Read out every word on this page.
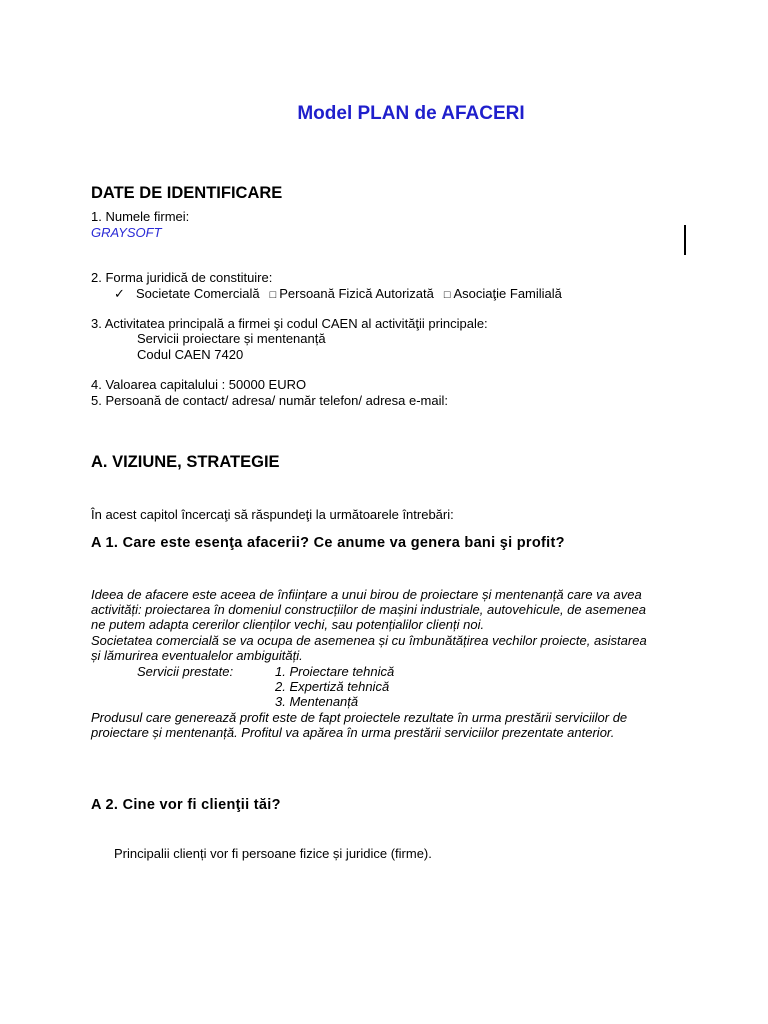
Model PLAN de AFACERI
DATE DE IDENTIFICARE
1. Numele firmei:
GRAYSOFT
2. Forma juridică de constituire:
✓ Societate Comercială □ Persoană Fizică Autorizată □ Asociaţie Familială
3. Activitatea principală a firmei şi codul CAEN al activităţii principale:
Servicii proiectare și mentenanță
Codul CAEN 7420
4. Valoarea capitalului : 50000 EURO
5. Persoană de contact/ adresa/ număr telefon/ adresa e-mail:
A. VIZIUNE, STRATEGIE
În acest capitol încercaţi să răspundeţi la următoarele întrebări:
A 1. Care este esenţa afacerii? Ce anume va genera bani şi profit?
Ideea de afacere este aceea de înființare a unui birou de proiectare și mentenanță care va avea
activități: proiectarea în domeniul construcțiilor de mașini industriale, autovehicule, de asemenea
ne putem adapta cererilor clienților vechi, sau potențialilor clienți noi.
Societatea comercială se va ocupa de asemenea și cu îmbunătățirea vechilor proiecte, asistarea
și lămurirea eventualelor ambiguități.
Servicii prestate:	1. Proiectare tehnică
2. Expertiză tehnică
3. Mentenanță
Produsul care generează profit este de fapt proiectele rezultate în urma prestării serviciilor de
proiectare și mentenanță. Profitul va apărea în urma prestării serviciilor prezentate anterior.
A 2. Cine vor fi clienţii tăi?
Principalii clienți vor fi persoane fizice și juridice (firme).
